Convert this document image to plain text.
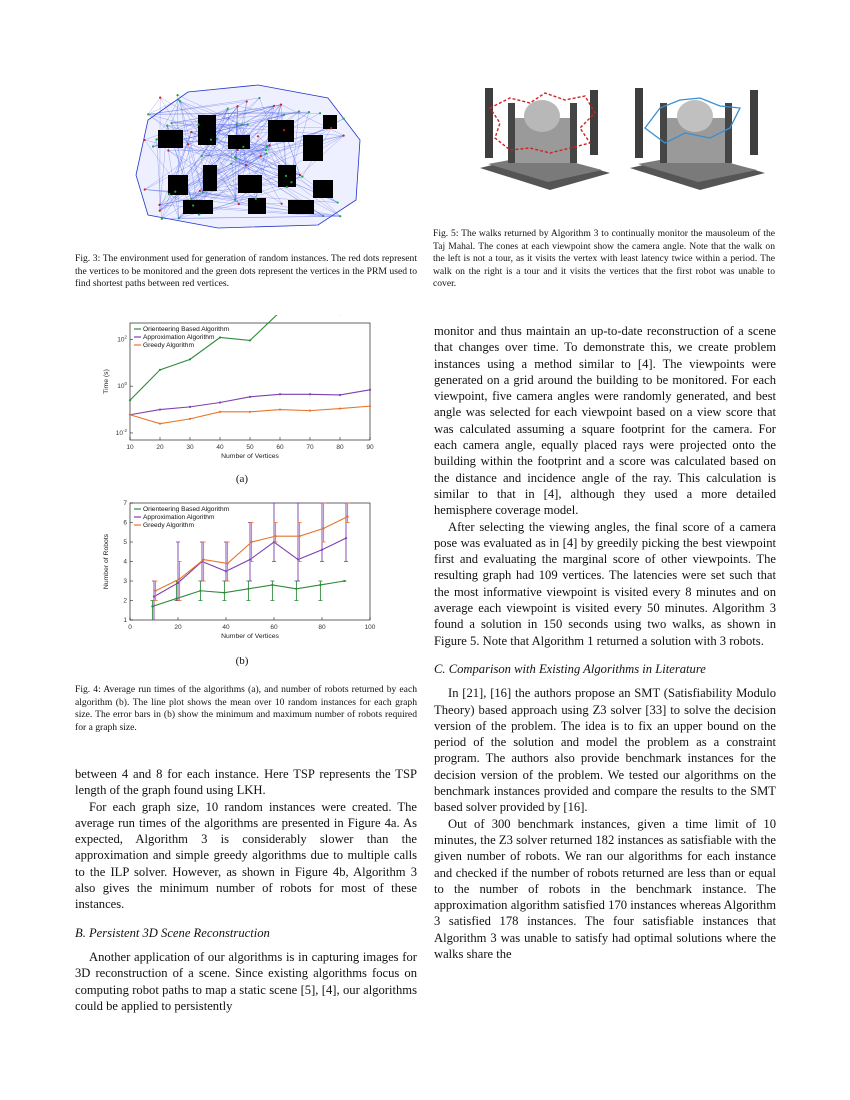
Fig. 3: The environment used for generation of random instances. The red dots represent the vertices to be monitored and the green dots represent the vertices in the PRM used to find shortest paths between red vertices.
Fig. 5: The walks returned by Algorithm 3 to continually monitor the mausoleum of the Taj Mahal. The cones at each viewpoint show the camera angle. Note that the walk on the left is not a tour, as it visits the vertex with least latency twice within a period. The walk on the right is a tour and it visits the vertices that the first robot was unable to cover.
10	20	30	40	50	60	70	80	90
$10^{-2}$
$10^0$
$10^2$
Number of Vertices
Time (s)
Orienteering Based Algorithm
Approximation Algorithm
Greedy Algorithm
(a)
0	20	40	60	80	100
1
2
3
4
5
6
7
Number of Vertices
Number of Robots
Orienteering Based Algorithm
Approximation Algorithm
Greedy Algorithm
(b)
Fig. 4: Average run times of the algorithms (a), and number of robots returned by each algorithm (b). The line plot shows the mean over 10 random instances for each graph size. The error bars in (b) show the minimum and maximum number of robots required for a graph size.

between 4 and 8 for each instance. Here TSP represents the TSP length of the graph found using LKH.

For each graph size, 10 random instances were created. The average run times of the algorithms are presented in Figure 4a. As expected, Algorithm 3 is considerably slower than the approximation and simple greedy algorithms due to multiple calls to the ILP solver. However, as shown in Figure 4b, Algorithm 3 also gives the minimum number of robots for most of these instances.

B. Persistent 3D Scene Reconstruction

Another application of our algorithms is in capturing images for 3D reconstruction of a scene. Since existing algorithms focus on computing robot paths to map a static scene [5], [4], our algorithms could be applied to persistently

monitor and thus maintain an up-to-date reconstruction of a scene that changes over time. To demonstrate this, we create problem instances using a method similar to [4]. The viewpoints were generated on a grid around the building to be monitored. For each viewpoint, five camera angles were randomly generated, and best angle was selected for each viewpoint based on a view score that was calculated assuming a square footprint for the camera. For each camera angle, equally placed rays were projected onto the building within the footprint and a score was calculated based on the distance and incidence angle of the ray. This calculation is similar to that in [4], although they used a more detailed hemisphere coverage model.

After selecting the viewing angles, the final score of a camera pose was evaluated as in [4] by greedily picking the best viewpoint first and evaluating the marginal score of other viewpoints. The resulting graph had 109 vertices. The latencies were set such that the most informative viewpoint is visited every 8 minutes and on average each viewpoint is visited every 50 minutes. Algorithm 3 found a solution in 150 seconds using two walks, as shown in Figure 5. Note that Algorithm 1 returned a solution with 3 robots.

C. Comparison with Existing Algorithms in Literature

In [21], [16] the authors propose an SMT (Satisfiability Modulo Theory) based approach using Z3 solver [33] to solve the decision version of the problem. The idea is to fix an upper bound on the period of the solution and model the problem as a constraint program. The authors also provide benchmark instances for the decision version of the problem. We tested our algorithms on the benchmark instances provided and compare the results to the SMT based solver provided by [16].

Out of 300 benchmark instances, given a time limit of 10 minutes, the Z3 solver returned 182 instances as satisfiable with the given number of robots. We ran our algorithms for each instance and checked if the number of robots returned are less than or equal to the number of robots in the benchmark instance. The approximation algorithm satisfied 170 instances whereas Algorithm 3 satisfied 178 instances. The four satisfiable instances that Algorithm 3 was unable to satisfy had optimal solutions where the walks share the
